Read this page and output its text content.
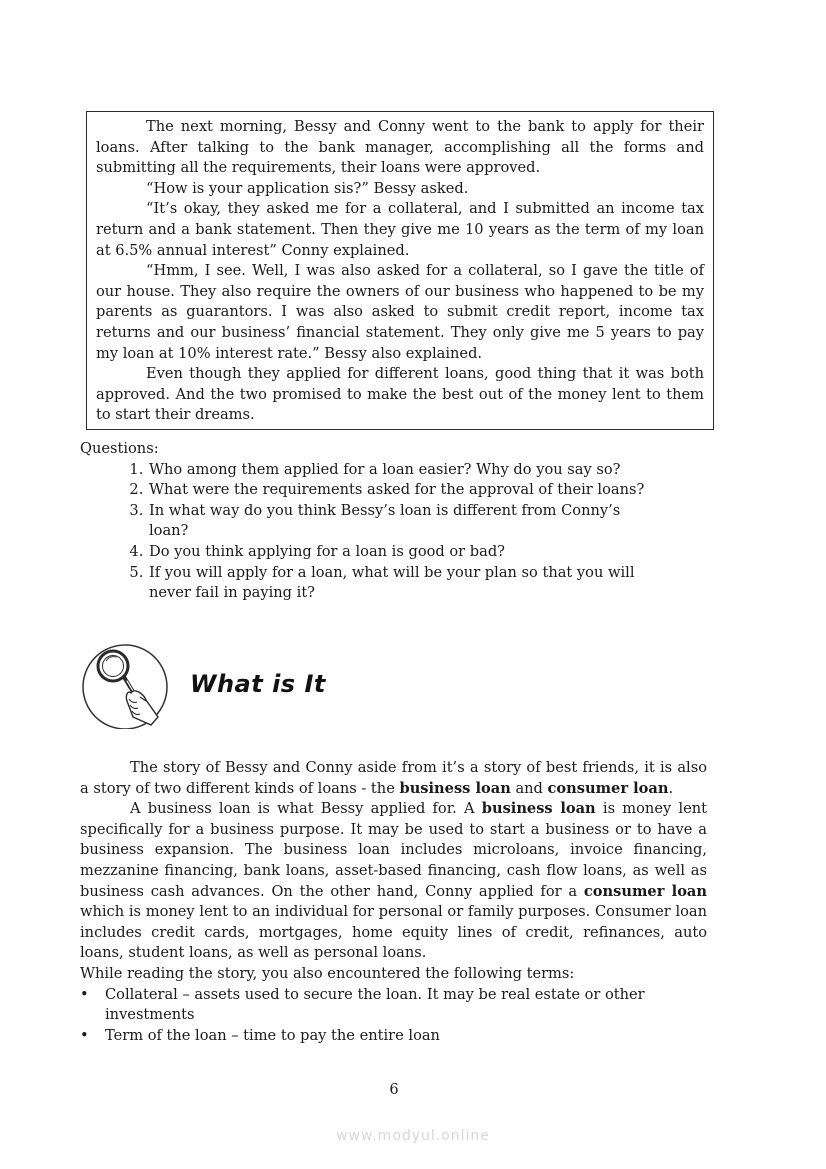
The next morning, Bessy and Conny went to the bank to apply for their loans. After talking to the bank manager, accomplishing all the forms and submitting all the requirements, their loans were approved.

“How is your application sis?” Bessy asked.

“It’s okay, they asked me for a collateral, and I submitted an income tax return and a bank statement. Then they give me 10 years as the term of my loan at 6.5% annual interest” Conny explained.

“Hmm, I see. Well, I was also asked for a collateral, so I gave the title of our house. They also require the owners of our business who happened to be my parents as guarantors. I was also asked to submit credit report, income tax returns and our business’ financial statement. They only give me 5 years to pay my loan at 10% interest rate.” Bessy also explained.

Even though they applied for different loans, good thing that it was both approved. And the two promised to make the best out of the money lent to them to start their dreams.

Questions:

1. Who among them applied for a loan easier? Why do you say so?
2. What were the requirements asked for the approval of their loans?
3. In what way do you think Bessy’s loan is different from Conny’s loan?
4. Do you think applying for a loan is good or bad?
5. If you will apply for a loan, what will be your plan so that you will never fail in paying it?
What is It

The story of Bessy and Conny aside from it’s a story of best friends, it is also a story of two different kinds of loans - the business loan and consumer loan.

A business loan is what Bessy applied for. A business loan is money lent specifically for a business purpose. It may be used to start a business or to have a business expansion. The business loan includes microloans, invoice financing, mezzanine financing, bank loans, asset-based financing, cash flow loans, as well as business cash advances. On the other hand, Conny applied for a consumer loan which is money lent to an individual for personal or family purposes. Consumer loan includes credit cards, mortgages, home equity lines of credit, refinances, auto loans, student loans, as well as personal loans.

While reading the story, you also encountered the following terms:

• Collateral – assets used to secure the loan. It may be real estate or other investments
• Term of the loan – time to pay the entire loan

6

www.modyul.online
